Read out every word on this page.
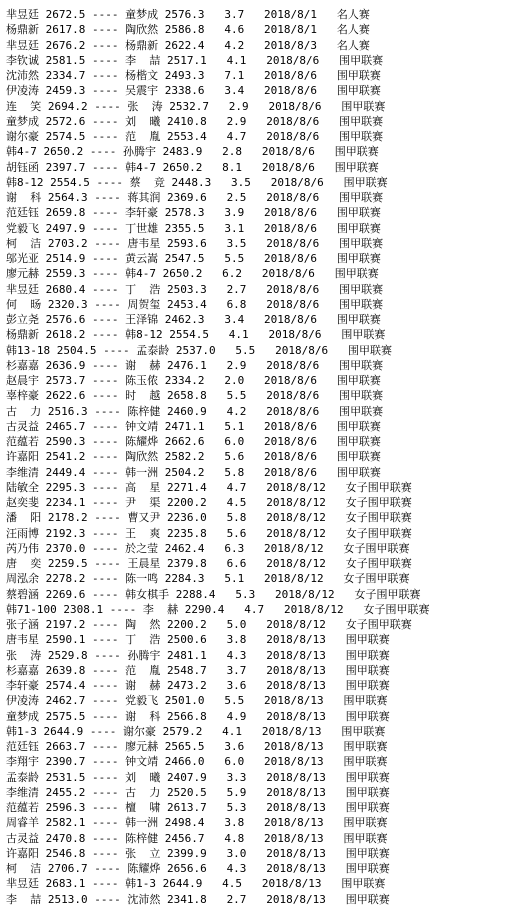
芈昱廷 2672.5 ---- 童梦成 2576.3   3.7   2018/8/1   名人赛
杨鼎新 2617.8 ---- 陶欣然 2586.8   4.6   2018/8/1   名人赛
芈昱廷 2676.2 ---- 杨鼎新 2622.4   4.2   2018/8/3   名人赛
李钦诚 2581.5 ---- 李  喆 2517.1   4.1   2018/8/6   围甲联赛
沈沛然 2334.7 ---- 杨楷文 2493.3   7.1   2018/8/6   围甲联赛
伊凌涛 2459.3 ---- 吴震宇 2338.6   3.4   2018/8/6   围甲联赛
连  笑 2694.2 ---- 张  涛 2532.7   2.9   2018/8/6   围甲联赛
童梦成 2572.6 ---- 刘  曦 2410.8   2.9   2018/8/6   围甲联赛
谢尔豪 2574.5 ---- 范  胤 2553.4   4.7   2018/8/6   围甲联赛
韩4-7 2650.2 ---- 孙腾宇 2483.9   2.8   2018/8/6   围甲联赛
胡钰函 2397.7 ---- 韩4-7 2650.2   8.1   2018/8/6   围甲联赛
韩8-12 2554.5 ---- 蔡  竞 2448.3   3.5   2018/8/6   围甲联赛
谢  科 2564.3 ---- 蒋其润 2369.6   2.5   2018/8/6   围甲联赛
范廷钰 2659.8 ---- 李轩豪 2578.3   3.9   2018/8/6   围甲联赛
党毅飞 2497.9 ---- 丁世雄 2355.5   3.1   2018/8/6   围甲联赛
柯  洁 2703.2 ---- 唐韦星 2593.6   3.5   2018/8/6   围甲联赛
邬光亚 2514.9 ---- 黄云嵩 2547.5   5.5   2018/8/6   围甲联赛
廖元赫 2559.3 ---- 韩4-7 2650.2   6.2   2018/8/6   围甲联赛
芈昱廷 2680.4 ---- 丁  浩 2503.3   2.7   2018/8/6   围甲联赛
何  旸 2320.3 ---- 周贺玺 2453.4   6.8   2018/8/6   围甲联赛
彭立尧 2576.6 ---- 王泽锦 2462.3   3.4   2018/8/6   围甲联赛
杨鼎新 2618.2 ---- 韩8-12 2554.5   4.1   2018/8/6   围甲联赛
韩13-18 2504.5 ---- 孟泰龄 2537.0   5.5   2018/8/6   围甲联赛
杉嘉嘉 2636.9 ---- 谢  赫 2476.1   2.9   2018/8/6   围甲联赛
赵晨宇 2573.7 ---- 陈玉侬 2334.2   2.0   2018/8/6   围甲联赛
辜梓豪 2622.6 ---- 时  越 2658.8   5.5   2018/8/6   围甲联赛
古  力 2516.3 ---- 陈梓健 2460.9   4.2   2018/8/6   围甲联赛
古灵益 2465.7 ---- 钟文靖 2471.1   5.1   2018/8/6   围甲联赛
范蕴若 2590.3 ---- 陈耀烨 2662.6   6.0   2018/8/6   围甲联赛
许嘉阳 2541.2 ---- 陶欣然 2582.2   5.6   2018/8/6   围甲联赛
李维清 2449.4 ---- 韩一洲 2504.2   5.8   2018/8/6   围甲联赛
陆敏全 2295.3 ---- 高  星 2271.4   4.7   2018/8/12   女子围甲联赛
赵奕斐 2234.1 ---- 尹  渠 2200.2   4.5   2018/8/12   女子围甲联赛
潘  阳 2178.2 ---- 曹又尹 2236.0   5.8   2018/8/12   女子围甲联赛
汪雨博 2192.3 ---- 王  爽 2235.8   5.6   2018/8/12   女子围甲联赛
芮乃伟 2370.0 ---- 於之莹 2462.4   6.3   2018/8/12   女子围甲联赛
唐  奕 2259.5 ---- 王晨星 2379.8   6.6   2018/8/12   女子围甲联赛
周泓余 2278.2 ---- 陈一鸣 2284.3   5.1   2018/8/12   女子围甲联赛
蔡碧涵 2269.6 ---- 韩女棋手 2288.4   5.3   2018/8/12   女子围甲联赛
韩71-100 2308.1 ---- 李  赫 2290.4   4.7   2018/8/12   女子围甲联赛
张子涵 2197.2 ---- 陶  然 2200.2   5.0   2018/8/12   女子围甲联赛
唐韦星 2590.1 ---- 丁  浩 2500.6   3.8   2018/8/13   围甲联赛
张  涛 2529.8 ---- 孙腾宇 2481.1   4.3   2018/8/13   围甲联赛
杉嘉嘉 2639.8 ---- 范  胤 2548.7   3.7   2018/8/13   围甲联赛
李轩豪 2574.4 ---- 谢  赫 2473.2   3.6   2018/8/13   围甲联赛
伊凌涛 2462.7 ---- 党毅飞 2501.0   5.5   2018/8/13   围甲联赛
童梦成 2575.5 ---- 谢  科 2566.8   4.9   2018/8/13   围甲联赛
韩1-3 2644.9 ---- 谢尔豪 2579.2   4.1   2018/8/13   围甲联赛
范廷钰 2663.7 ---- 廖元赫 2565.5   3.6   2018/8/13   围甲联赛
李翔宇 2390.7 ---- 钟文靖 2466.0   6.0   2018/8/13   围甲联赛
孟泰龄 2531.5 ---- 刘  曦 2407.9   3.3   2018/8/13   围甲联赛
李维清 2455.2 ---- 古  力 2520.5   5.9   2018/8/13   围甲联赛
范蕴若 2596.3 ---- 檀  啸 2613.7   5.3   2018/8/13   围甲联赛
周睿羊 2582.1 ---- 韩一洲 2498.4   3.8   2018/8/13   围甲联赛
古灵益 2470.8 ---- 陈梓健 2456.7   4.8   2018/8/13   围甲联赛
许嘉阳 2546.8 ---- 张  立 2399.9   3.0   2018/8/13   围甲联赛
柯  洁 2706.7 ---- 陈耀烨 2656.6   4.3   2018/8/13   围甲联赛
芈昱廷 2683.1 ---- 韩1-3 2644.9   4.5   2018/8/13   围甲联赛
李  喆 2513.0 ---- 沈沛然 2341.8   2.7   2018/8/13   围甲联赛
